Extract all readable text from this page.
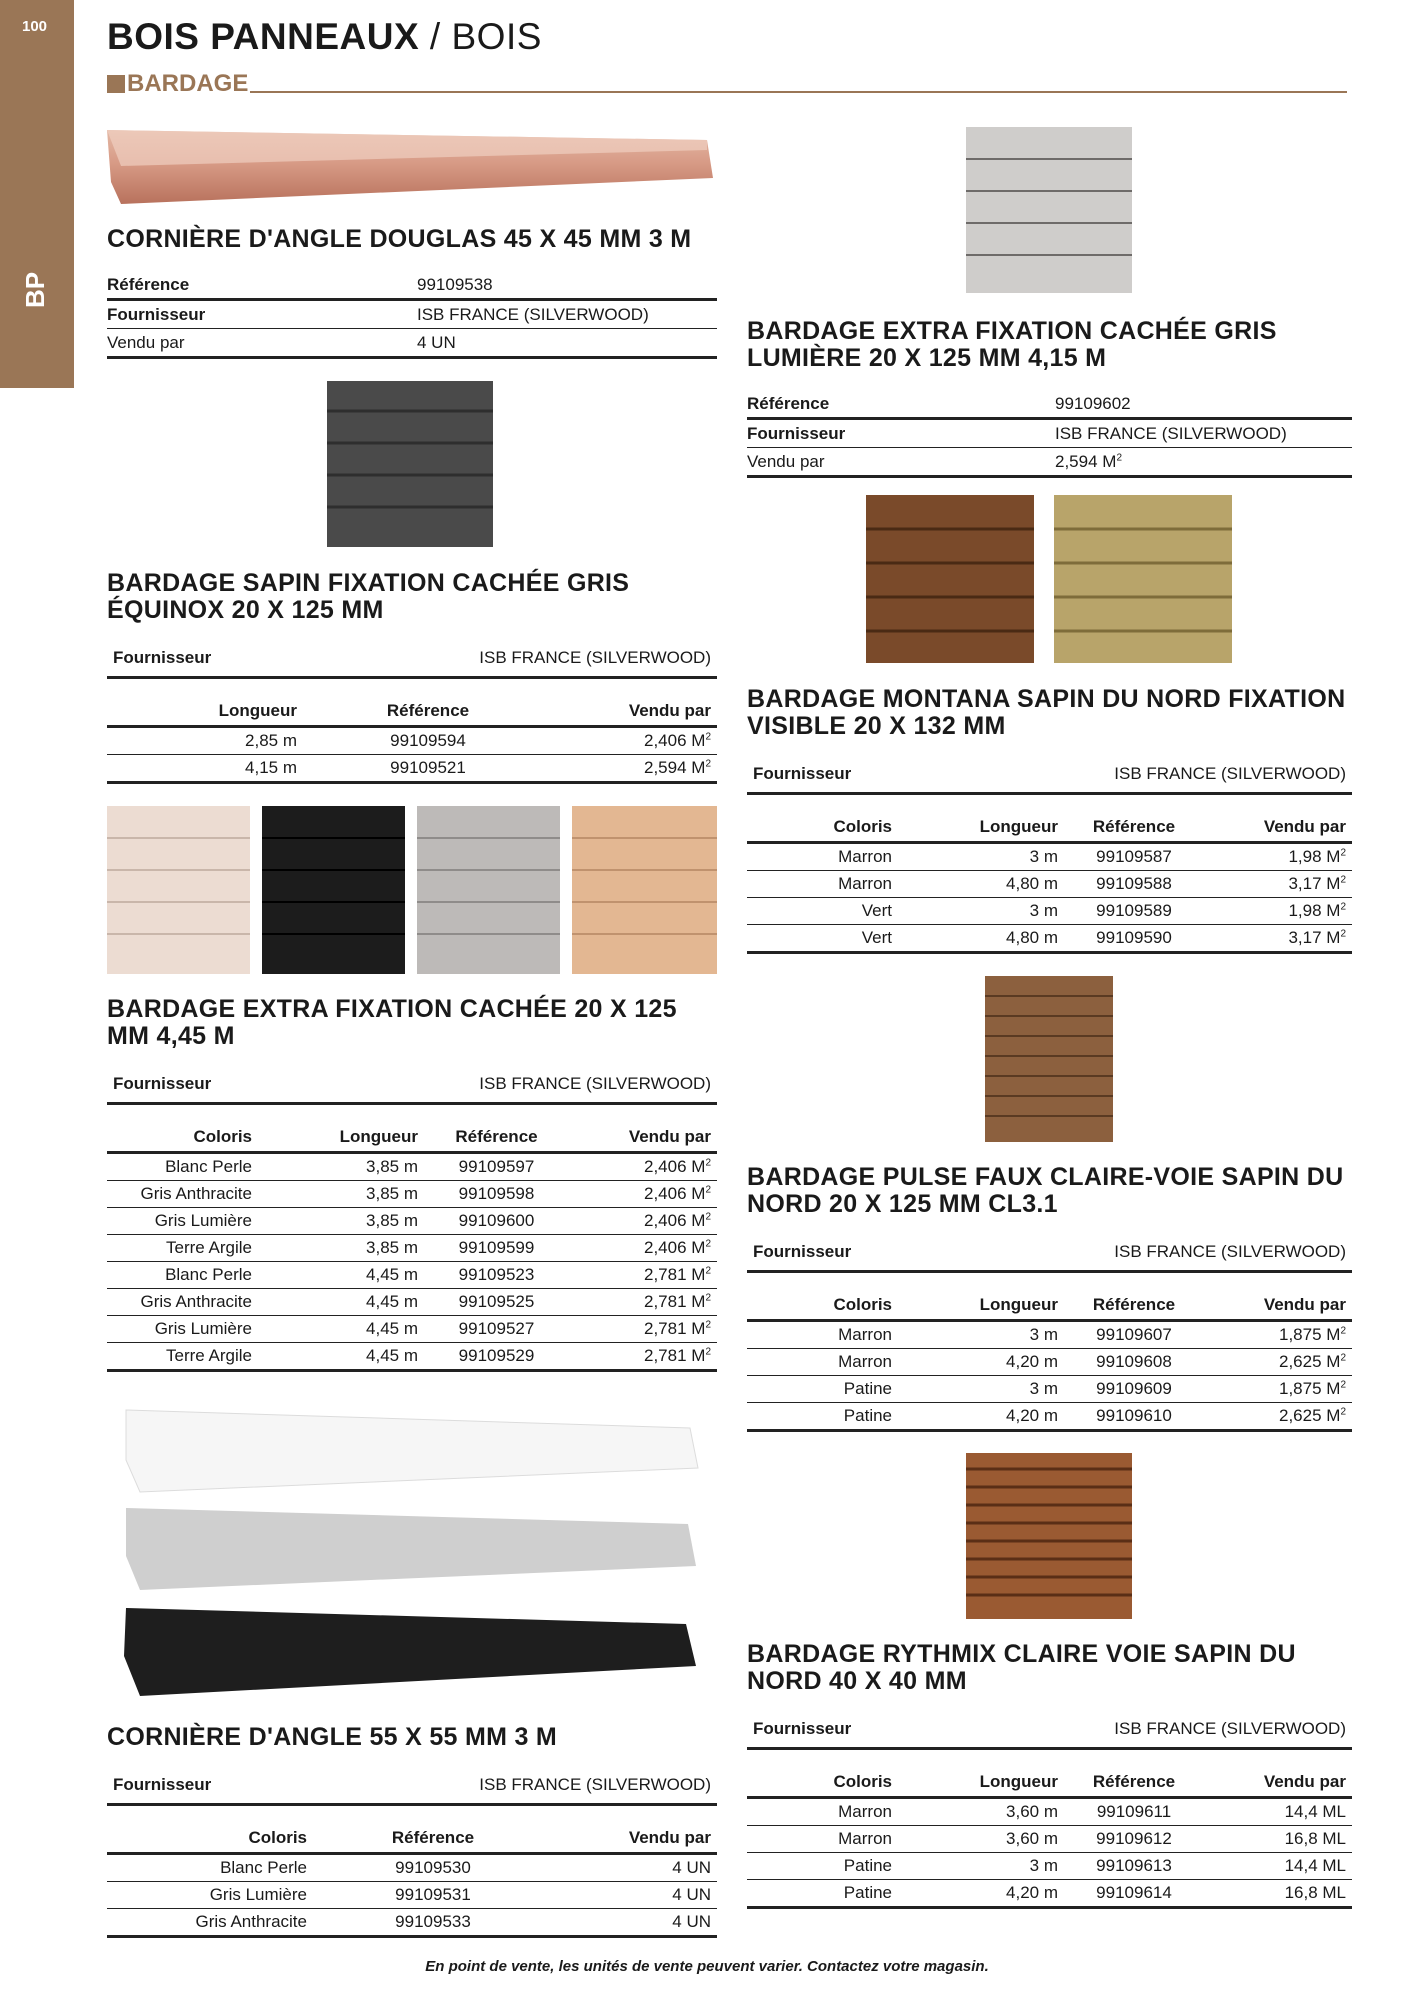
100
BP
BOIS PANNEAUX / BOIS
BARDAGE
CORNIÈRE D'ANGLE DOUGLAS 45 X 45 MM 3 M
Référence	99109538
Fournisseur	ISB FRANCE (SILVERWOOD)
Vendu par	4 UN
BARDAGE SAPIN FIXATION CACHÉE GRIS ÉQUINOX 20 X 125 MM
Fournisseur	ISB FRANCE (SILVERWOOD)
Longueur	Référence	Vendu par
2,85 m	99109594	2,406 $M^2$
4,15 m	99109521	2,594 $M^2$
BARDAGE EXTRA FIXATION CACHÉE 20 X 125 MM 4,45 M
Fournisseur	ISB FRANCE (SILVERWOOD)
Coloris	Longueur	Référence	Vendu par
Blanc Perle	3,85 m	99109597	2,406 $M^2$
Gris Anthracite	3,85 m	99109598	2,406 $M^2$
Gris Lumière	3,85 m	99109600	2,406 $M^2$
Terre Argile	3,85 m	99109599	2,406 $M^2$
Blanc Perle	4,45 m	99109523	2,781 $M^2$
Gris Anthracite	4,45 m	99109525	2,781 $M^2$
Gris Lumière	4,45 m	99109527	2,781 $M^2$
Terre Argile	4,45 m	99109529	2,781 $M^2$
CORNIÈRE D'ANGLE 55 X 55 MM 3 M
Fournisseur	ISB FRANCE (SILVERWOOD)
Coloris	Référence	Vendu par
Blanc Perle	99109530	4 UN
Gris Lumière	99109531	4 UN
Gris Anthracite	99109533	4 UN
BARDAGE EXTRA FIXATION CACHÉE GRIS LUMIÈRE 20 X 125 MM 4,15 M
Référence	99109602
Fournisseur	ISB FRANCE (SILVERWOOD)
Vendu par	2,594 $M^2$
BARDAGE MONTANA SAPIN DU NORD FIXATION VISIBLE 20 X 132 MM
Fournisseur	ISB FRANCE (SILVERWOOD)
Coloris	Longueur	Référence	Vendu par
Marron	3 m	99109587	1,98 $M^2$
Marron	4,80 m	99109588	3,17 $M^2$
Vert	3 m	99109589	1,98 $M^2$
Vert	4,80 m	99109590	3,17 $M^2$
BARDAGE PULSE FAUX CLAIRE-VOIE SAPIN DU NORD 20 X 125 MM CL3.1
Fournisseur	ISB FRANCE (SILVERWOOD)
Coloris	Longueur	Référence	Vendu par
Marron	3 m	99109607	1,875 $M^2$
Marron	4,20 m	99109608	2,625 $M^2$
Patine	3 m	99109609	1,875 $M^2$
Patine	4,20 m	99109610	2,625 $M^2$
BARDAGE RYTHMIX CLAIRE VOIE SAPIN DU NORD 40 X 40 MM
Fournisseur	ISB FRANCE (SILVERWOOD)
Coloris	Longueur	Référence	Vendu par
Marron	3,60 m	99109611	14,4 ML
Marron	3,60 m	99109612	16,8 ML
Patine	3 m	99109613	14,4 ML
Patine	4,20 m	99109614	16,8 ML
En point de vente, les unités de vente peuvent varier. Contactez votre magasin.
